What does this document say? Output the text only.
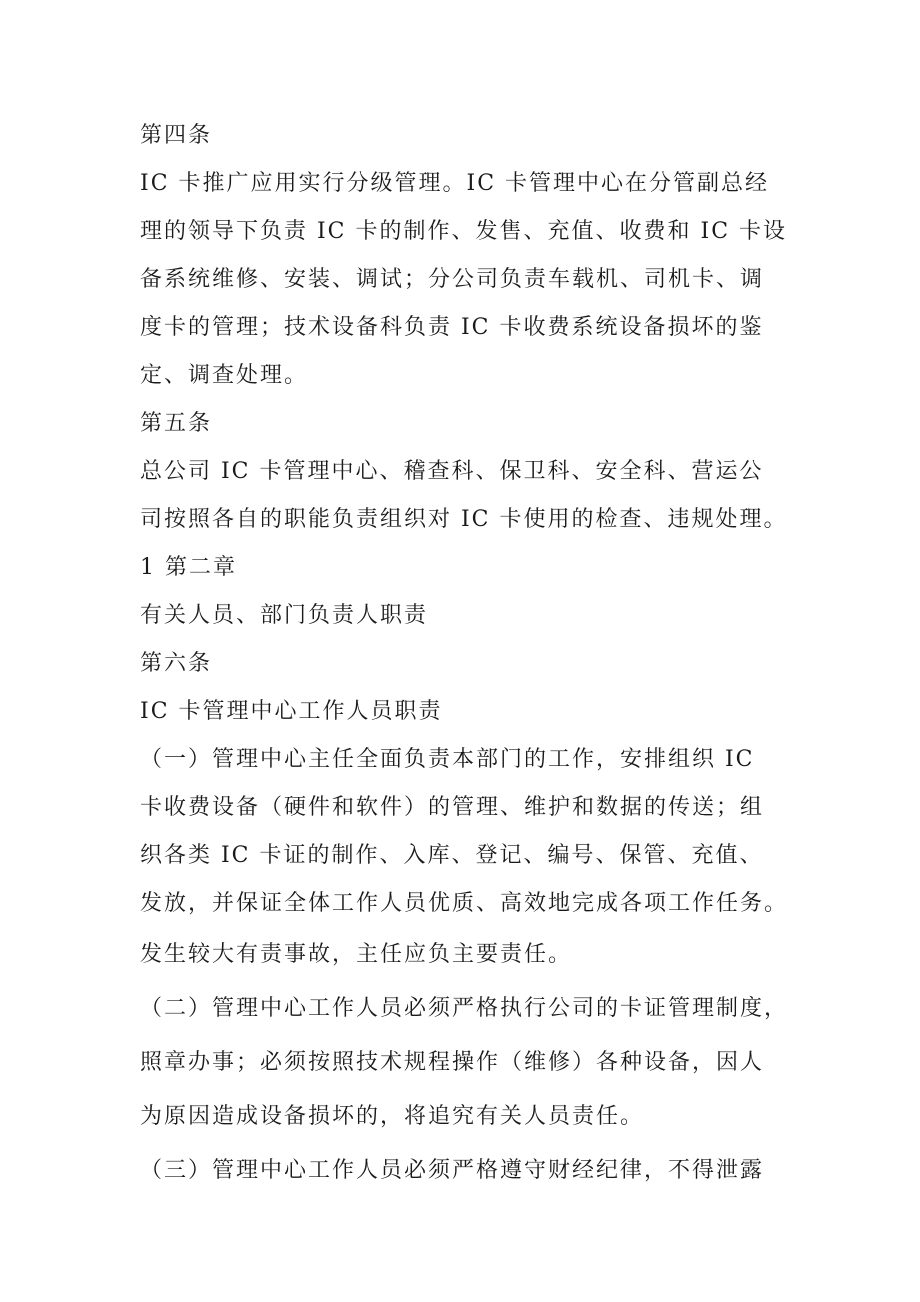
第四条
IC 卡推广应用实行分级管理。IC 卡管理中心在分管副总经
理的领导下负责 IC 卡的制作、发售、充值、收费和 IC 卡设
备系统维修、安装、调试；分公司负责车载机、司机卡、调
度卡的管理；技术设备科负责 IC 卡收费系统设备损坏的鉴
定、调查处理。
第五条
总公司 IC 卡管理中心、稽查科、保卫科、安全科、营运公
司按照各自的职能负责组织对 IC 卡使用的检查、违规处理。
1 第二章
有关人员、部门负责人职责
第六条
IC 卡管理中心工作人员职责
（一）管理中心主任全面负责本部门的工作，安排组织 IC
卡收费设备（硬件和软件）的管理、维护和数据的传送；组
织各类 IC 卡证的制作、入库、登记、编号、保管、充值、
发放，并保证全体工作人员优质、高效地完成各项工作任务。
发生较大有责事故，主任应负主要责任。
（二）管理中心工作人员必须严格执行公司的卡证管理制度，
照章办事；必须按照技术规程操作（维修）各种设备，因人
为原因造成设备损坏的，将追究有关人员责任。
（三）管理中心工作人员必须严格遵守财经纪律，不得泄露
